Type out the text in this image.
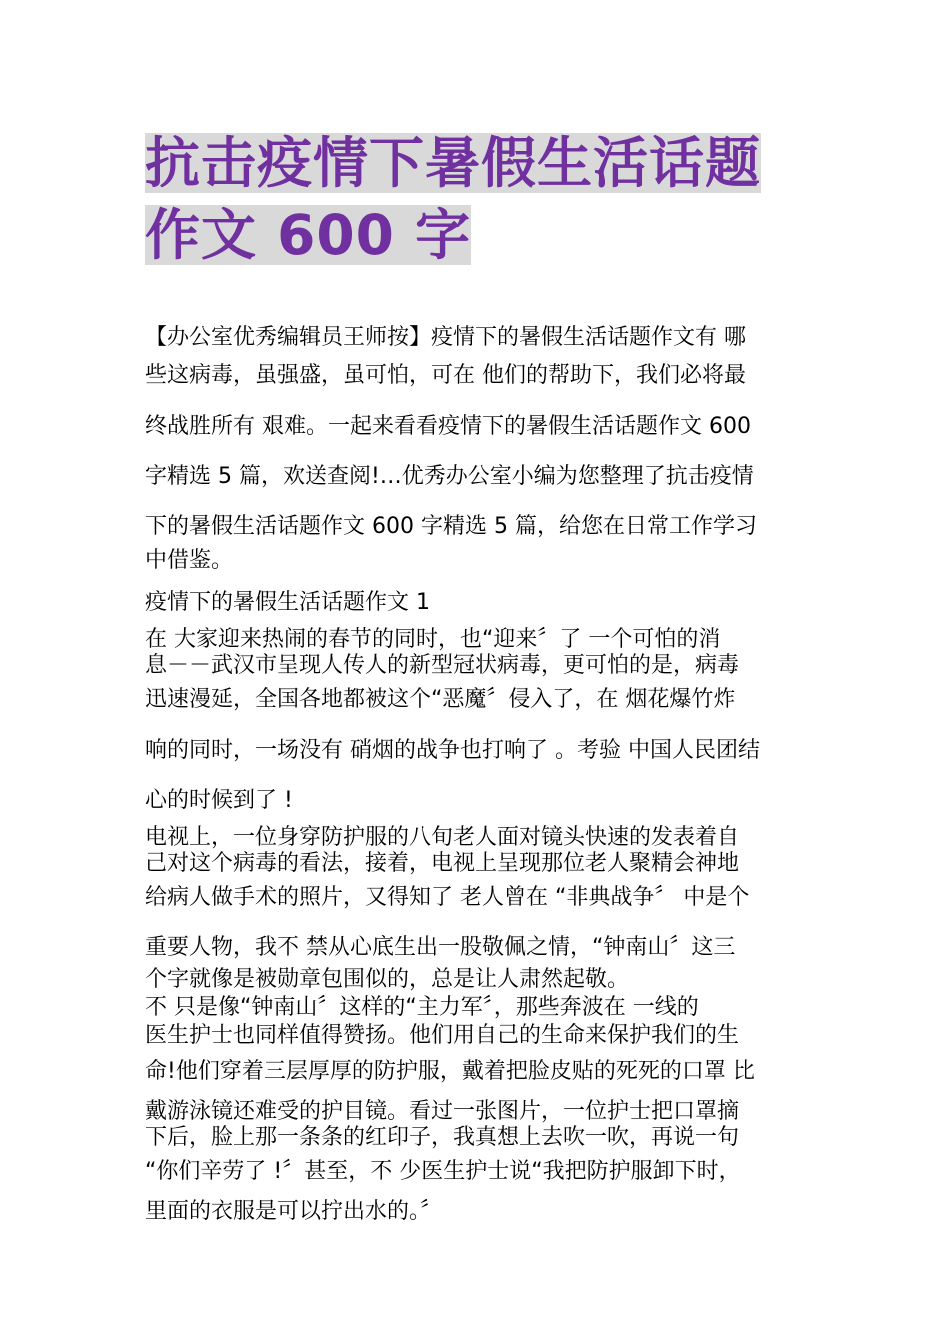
抗击疫情下暑假生活话题
作文 600 字
【办公室优秀编辑员王师按】疫情下的暑假生活话题作文有 哪
些这病毒，虽强盛，虽可怕，可在 他们的帮助下，我们必将最
终战胜所有 艰难。一起来看看疫情下的暑假生活话题作文 600
字精选 5 篇，欢送查阅!…优秀办公室小编为您整理了抗击疫情
下的暑假生活话题作文 600 字精选 5 篇，给您在日常工作学习
中借鉴。
疫情下的暑假生活话题作文 1
在 大家迎来热闹的春节的同时，也“迎来〞了 一个可怕的消
息－－武汉市呈现人传人的新型冠状病毒，更可怕的是，病毒
迅速漫延，全国各地都被这个“恶魔〞侵入了，在 烟花爆竹炸
响的同时，一场没有 硝烟的战争也打响了 。考验 中国人民团结
心的时候到了 !
电视上，一位身穿防护服的八旬老人面对镜头快速的发表着自
己对这个病毒的看法，接着，电视上呈现那位老人聚精会神地
给病人做手术的照片，又得知了 老人曾在 “非典战争〞 中是个
重要人物，我不 禁从心底生出一股敬佩之情，“钟南山〞这三
个字就像是被勋章包围似的，总是让人肃然起敬。
不 只是像“钟南山〞这样的“主力军〞，那些奔波在 一线的
医生护士也同样值得赞扬。他们用自己的生命来保护我们的生
命!他们穿着三层厚厚的防护服，戴着把脸皮贴的死死的口罩 比
戴游泳镜还难受的护目镜。看过一张图片，一位护士把口罩摘
下后，脸上那一条条的红印子，我真想上去吹一吹，再说一句
“你们辛劳了 !〞甚至，不 少医生护士说“我把防护服卸下时，
里面的衣服是可以拧出水的。〞
